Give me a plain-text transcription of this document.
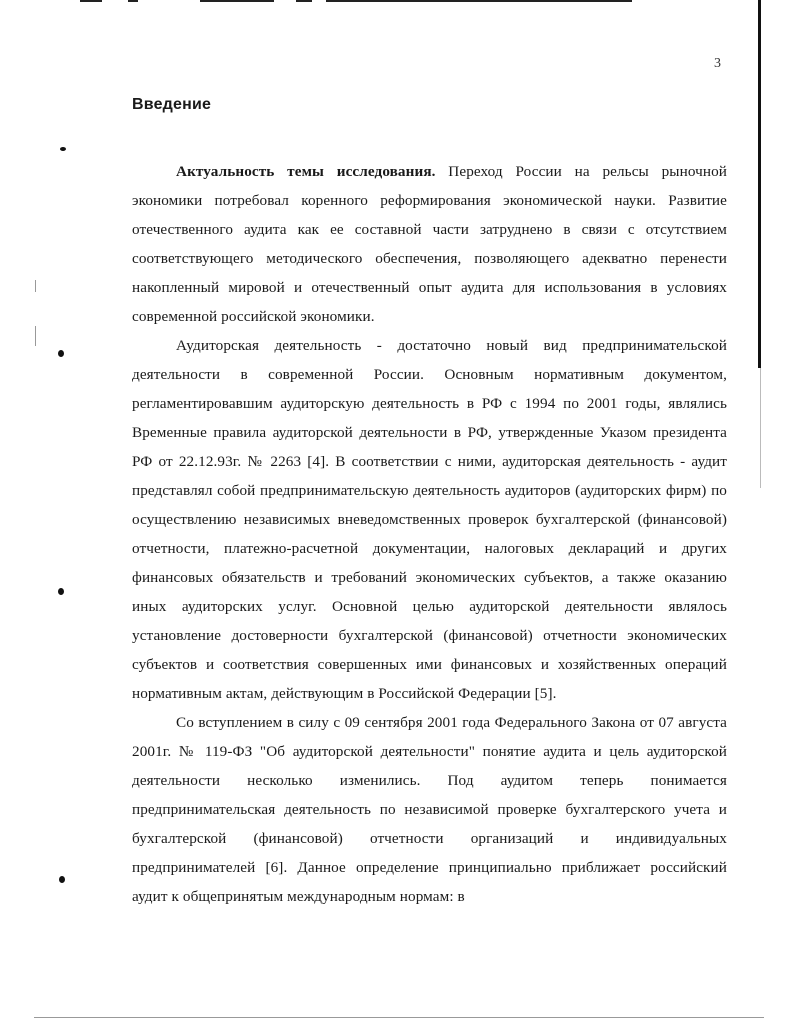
3
Введение

Актуальность темы исследования. Переход России на рельсы рыночной экономики потребовал коренного реформирования экономической науки. Развитие отечественного аудита как ее составной части затруднено в связи с отсутствием соответствующего методического обеспечения, позволяющего адекватно перенести накопленный мировой и отечественный опыт аудита для использования в условиях современной российской экономики.

Аудиторская деятельность - достаточно новый вид предпринимательской деятельности в современной России. Основным нормативным документом, регламентировавшим аудиторскую деятельность в РФ с 1994 по 2001 годы, являлись Временные правила аудиторской деятельности в РФ, утвержденные Указом президента РФ от 22.12.93г. № 2263 [4]. В соответствии с ними, аудиторская деятельность - аудит представлял собой предпринимательскую деятельность аудиторов (аудиторских фирм) по осуществлению независимых вневедомственных проверок бухгалтерской (финансовой) отчетности, платежно-расчетной документации, налоговых деклараций и других финансовых обязательств и требований экономических субъектов, а также оказанию иных аудиторских услуг. Основной целью аудиторской деятельности являлось установление достоверности бухгалтерской (финансовой) отчетности экономических субъектов и соответствия совершенных ими финансовых и хозяйственных операций нормативным актам, действующим в Российской Федерации [5].

Со вступлением в силу с 09 сентября 2001 года Федерального Закона от 07 августа 2001г. № 119-ФЗ "Об аудиторской деятельности" понятие аудита и цель аудиторской деятельности несколько изменились. Под аудитом теперь понимается предпринимательская деятельность по независимой проверке бухгалтерского учета и бухгалтерской (финансовой) отчетности организаций и индивидуальных предпринимателей [6]. Данное определение принципиально приближает российский аудит к общепринятым международным нормам: в
